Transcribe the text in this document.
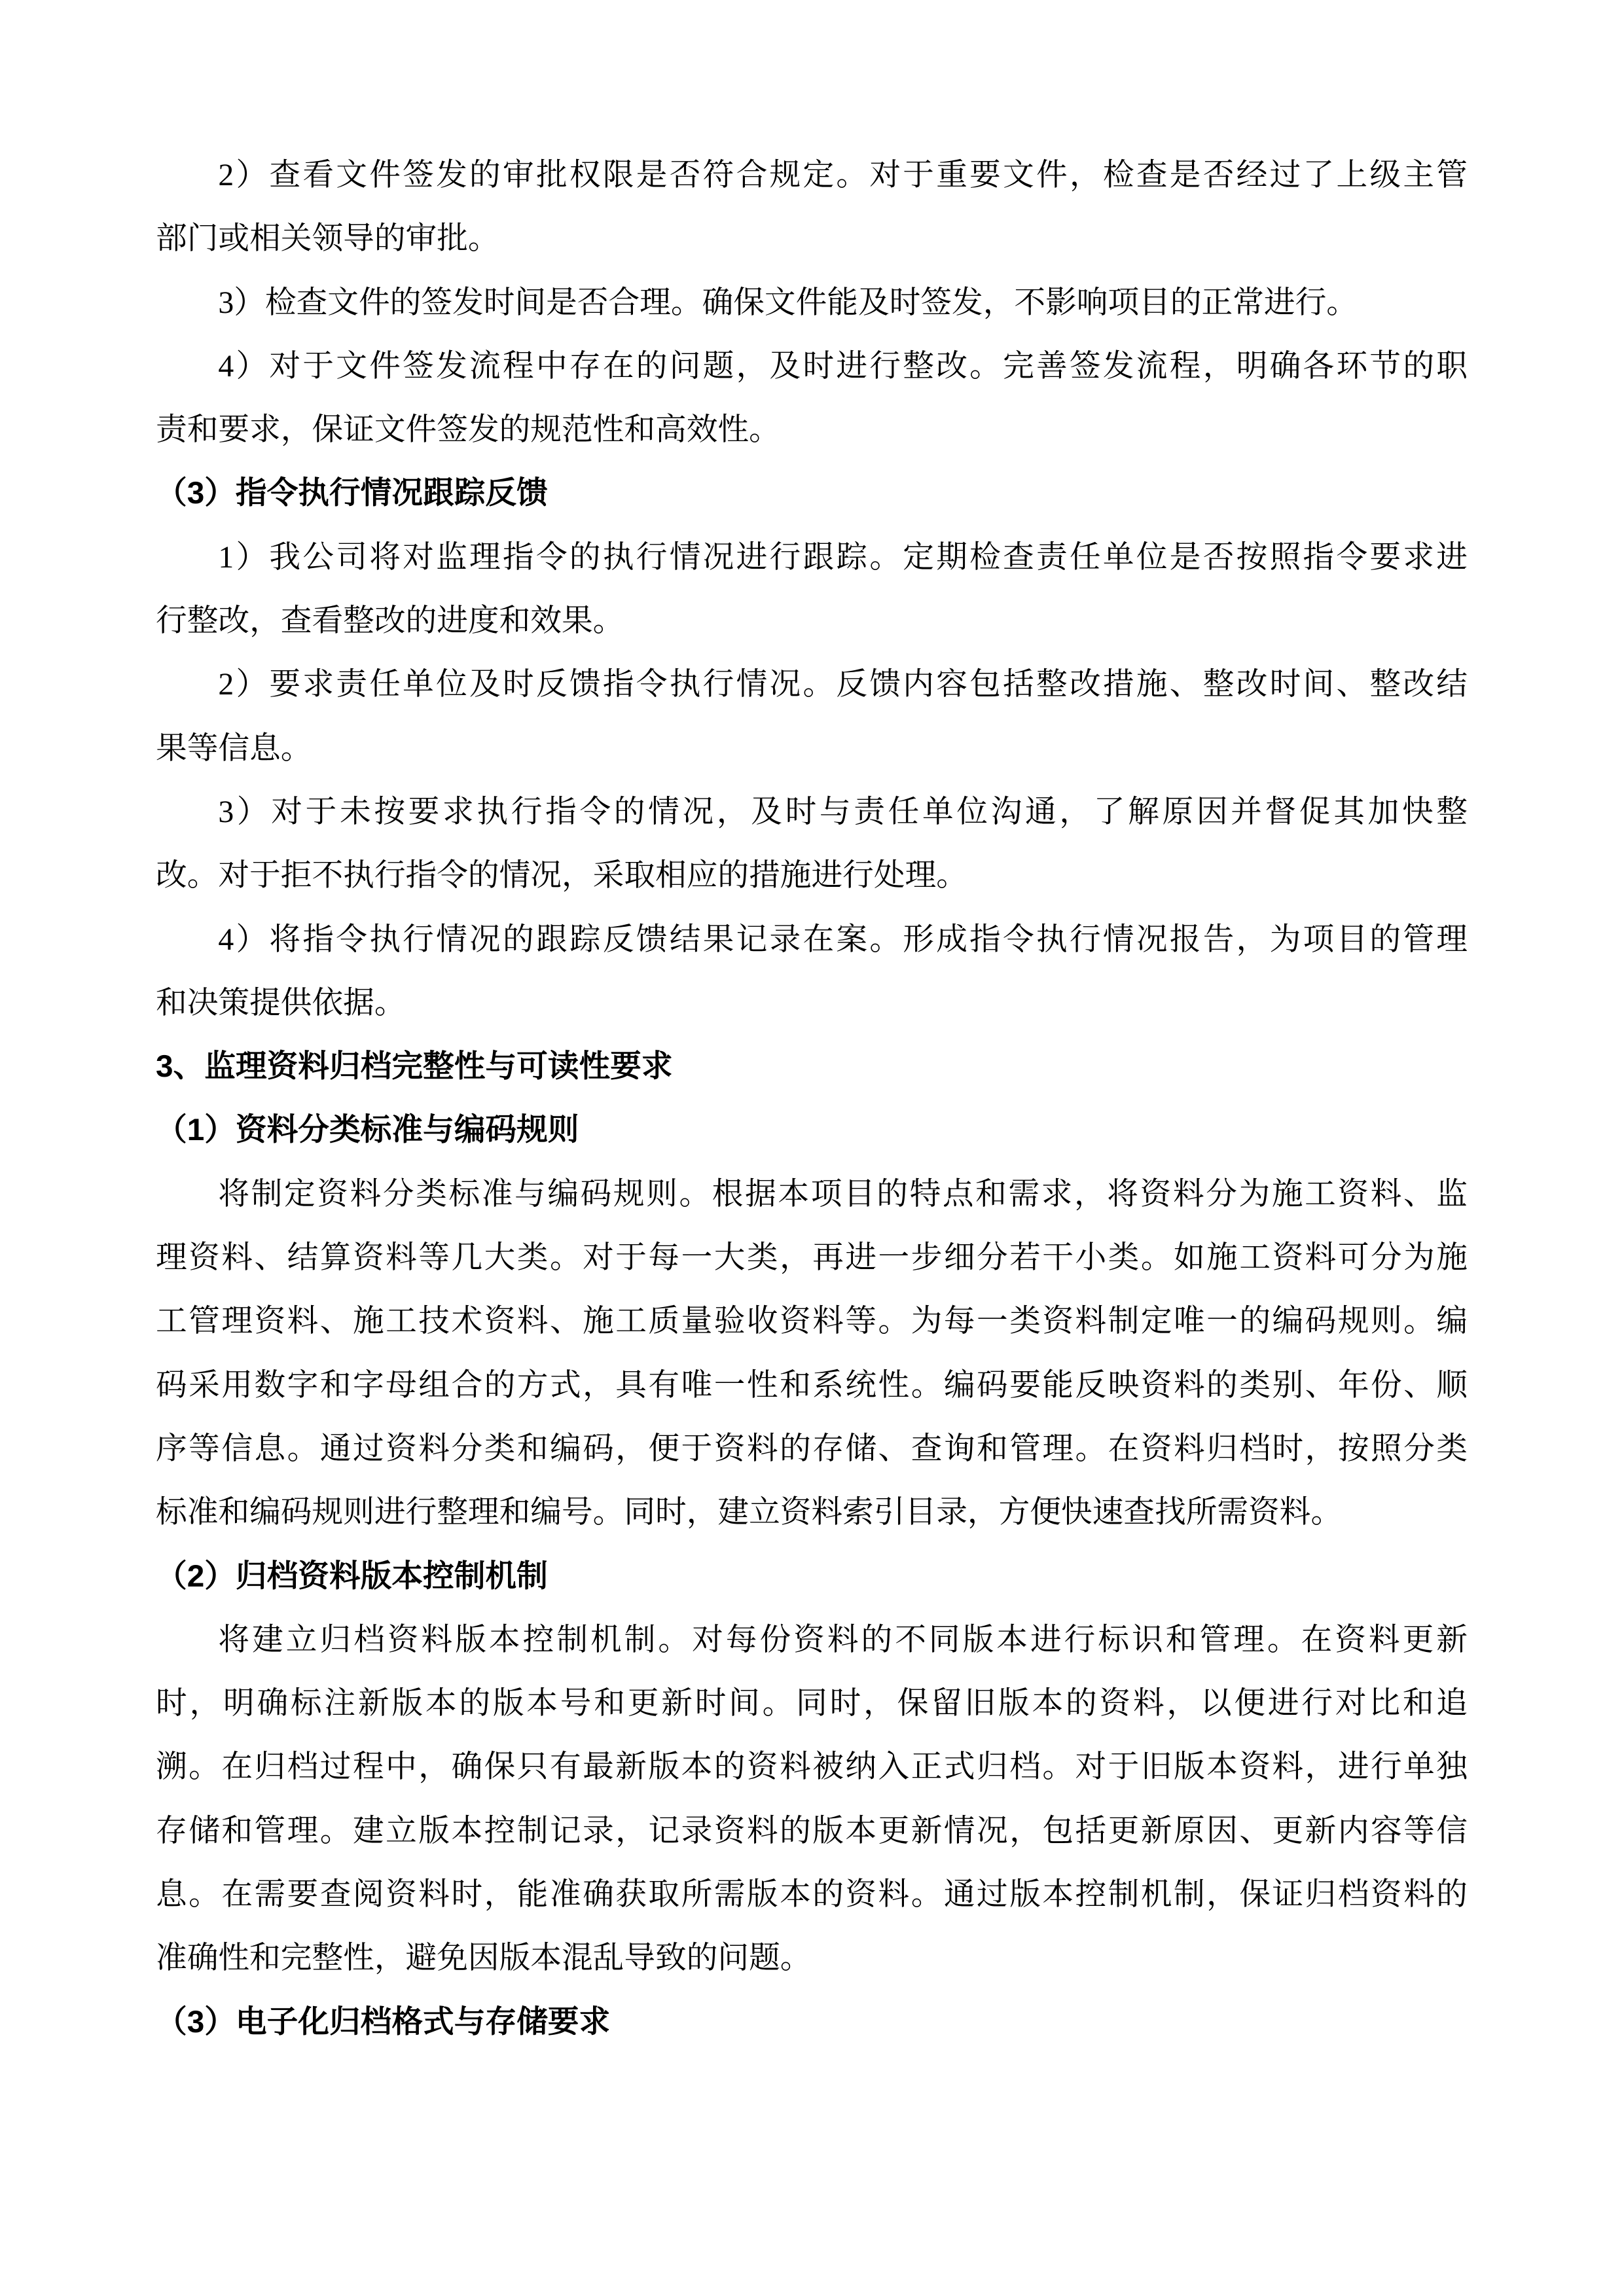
2）查看文件签发的审批权限是否符合规定。对于重要文件，检查是否经过了上级主管
部门或相关领导的审批。
3）检查文件的签发时间是否合理。确保文件能及时签发，不影响项目的正常进行。
4）对于文件签发流程中存在的问题，及时进行整改。完善签发流程，明确各环节的职
责和要求，保证文件签发的规范性和高效性。
（3）指令执行情况跟踪反馈
1）我公司将对监理指令的执行情况进行跟踪。定期检查责任单位是否按照指令要求进
行整改，查看整改的进度和效果。
2）要求责任单位及时反馈指令执行情况。反馈内容包括整改措施、整改时间、整改结
果等信息。
3）对于未按要求执行指令的情况，及时与责任单位沟通，了解原因并督促其加快整
改。对于拒不执行指令的情况，采取相应的措施进行处理。
4）将指令执行情况的跟踪反馈结果记录在案。形成指令执行情况报告，为项目的管理
和决策提供依据。
3、监理资料归档完整性与可读性要求
（1）资料分类标准与编码规则
将制定资料分类标准与编码规则。根据本项目的特点和需求，将资料分为施工资料、监
理资料、结算资料等几大类。对于每一大类，再进一步细分若干小类。如施工资料可分为施
工管理资料、施工技术资料、施工质量验收资料等。为每一类资料制定唯一的编码规则。编
码采用数字和字母组合的方式，具有唯一性和系统性。编码要能反映资料的类别、年份、顺
序等信息。通过资料分类和编码，便于资料的存储、查询和管理。在资料归档时，按照分类
标准和编码规则进行整理和编号。同时，建立资料索引目录，方便快速查找所需资料。
（2）归档资料版本控制机制
将建立归档资料版本控制机制。对每份资料的不同版本进行标识和管理。在资料更新
时，明确标注新版本的版本号和更新时间。同时，保留旧版本的资料，以便进行对比和追
溯。在归档过程中，确保只有最新版本的资料被纳入正式归档。对于旧版本资料，进行单独
存储和管理。建立版本控制记录，记录资料的版本更新情况，包括更新原因、更新内容等信
息。在需要查阅资料时，能准确获取所需版本的资料。通过版本控制机制，保证归档资料的
准确性和完整性，避免因版本混乱导致的问题。
（3）电子化归档格式与存储要求
